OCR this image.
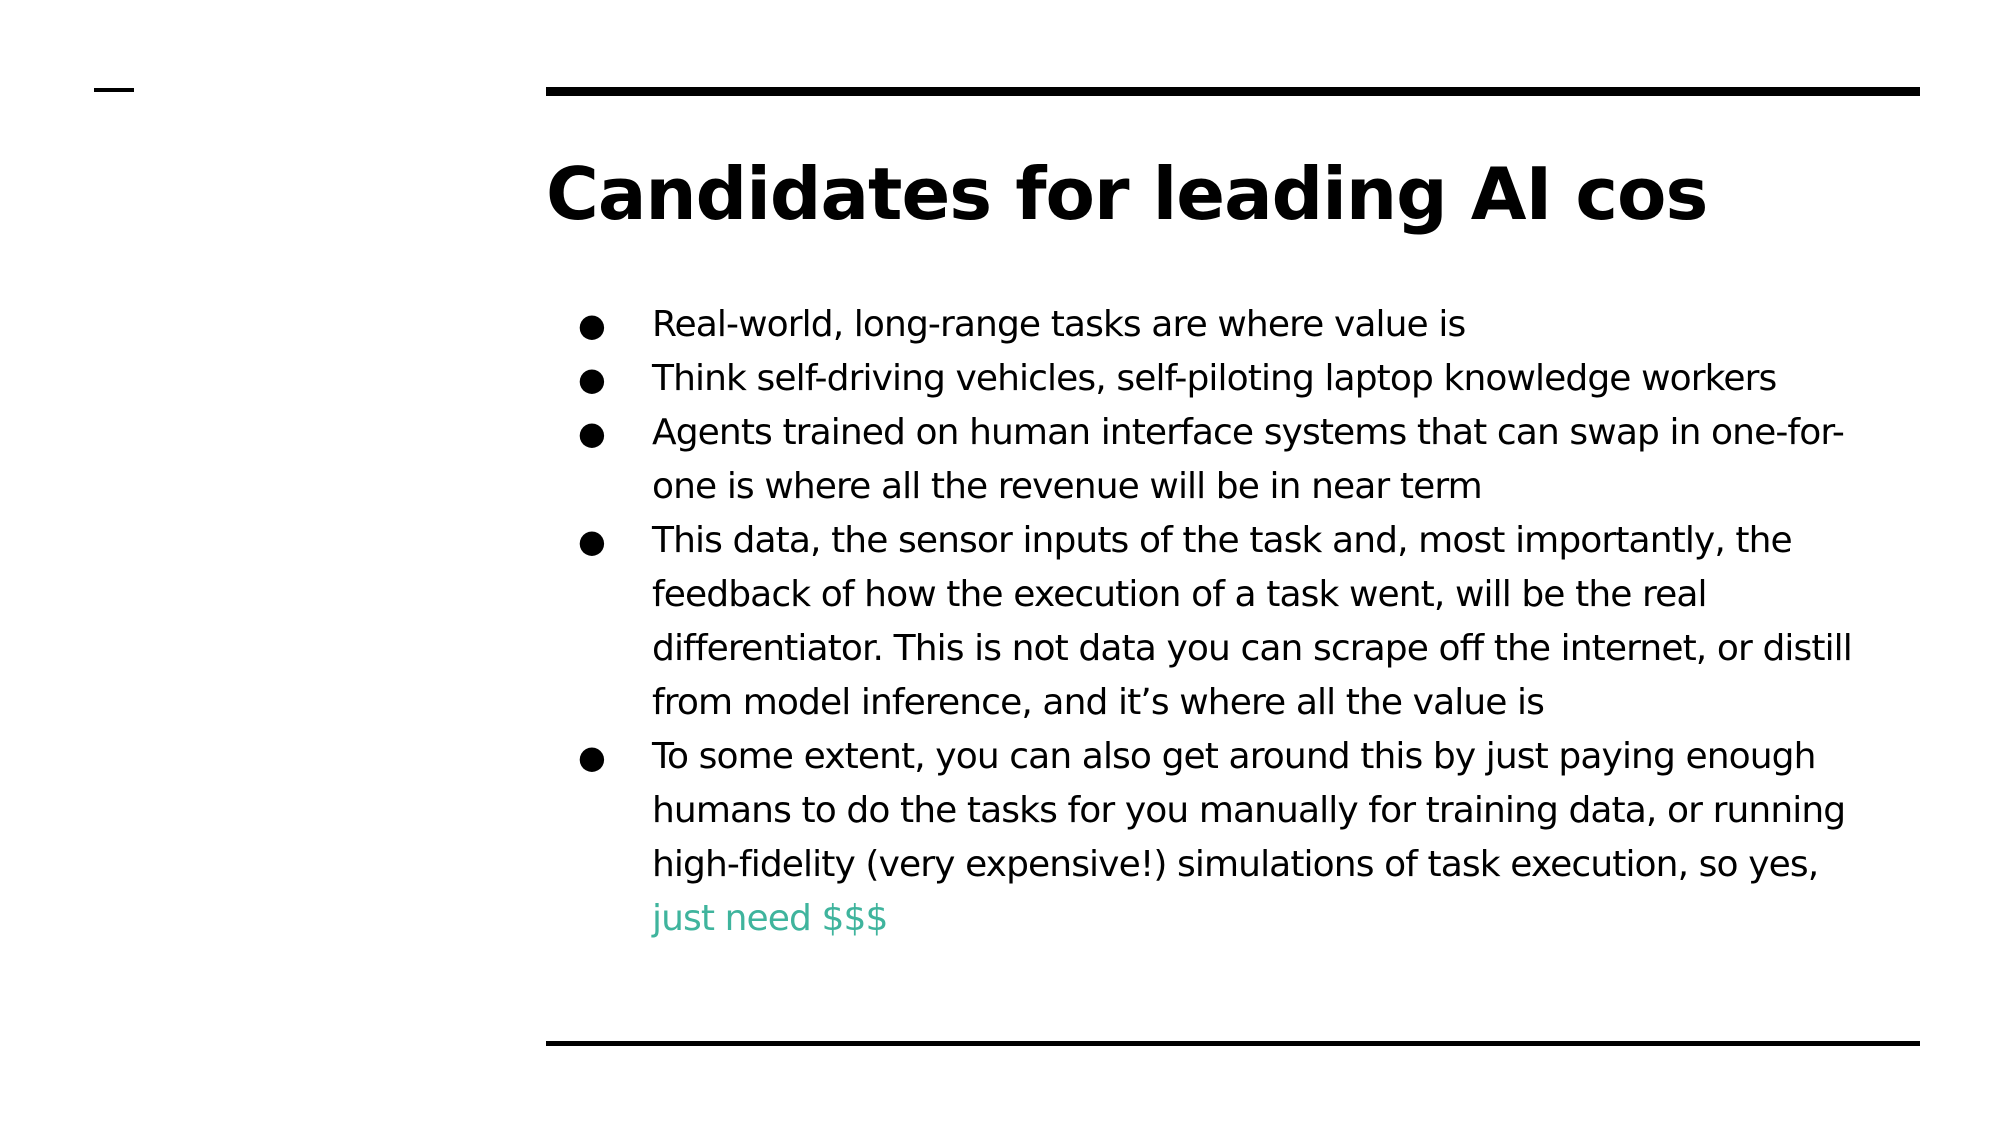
Candidates for leading AI cos
● Real-world, long-range tasks are where value is
● Think self-driving vehicles, self-piloting laptop knowledge workers
● Agents trained on human interface systems that can swap in one-for-one is where all the revenue will be in near term
● This data, the sensor inputs of the task and, most importantly, the feedback of how the execution of a task went, will be the real differentiator. This is not data you can scrape off the internet, or distill from model inference, and it’s where all the value is
● To some extent, you can also get around this by just paying enough humans to do the tasks for you manually for training data, or running high-fidelity (very expensive!) simulations of task execution, so yes, just need $$$
